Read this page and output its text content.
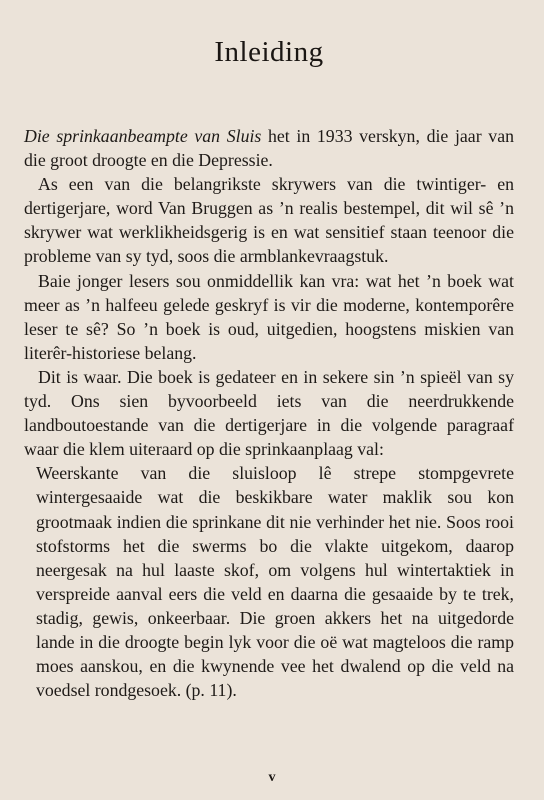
Inleiding

Die sprinkaanbeampte van Sluis het in 1933 verskyn, die jaar van die groot droogte en die Depressie.

As een van die belangrikste skrywers van die twintiger- en dertigerjare, word Van Bruggen as ’n realis bestempel, dit wil sê ’n skrywer wat werklikheidsgerig is en wat sensitief staan teenoor die probleme van sy tyd, soos die armblankevraagstuk.

Baie jonger lesers sou onmiddellik kan vra: wat het ’n boek wat meer as ’n halfeeu gelede geskryf is vir die moderne, kontemporêre leser te sê? So ’n boek is oud, uitgedien, hoogstens miskien van literêr-historiese belang.

Dit is waar. Die boek is gedateer en in sekere sin ’n spieël van sy tyd. Ons sien byvoorbeeld iets van die neerdrukkende landboutoestande van die dertigerjare in die volgende paragraaf waar die klem uiteraard op die sprinkaanplaag val:

Weerskante van die sluisloop lê strepe stompgevrete wintergesaaide wat die beskikbare water maklik sou kon grootmaak indien die sprinkane dit nie verhinder het nie. Soos rooi stofstorms het die swerms bo die vlakte uitgekom, daarop neergesak na hul laaste skof, om volgens hul wintertaktiek in verspreide aanval eers die veld en daarna die gesaaide by te trek, stadig, gewis, onkeerbaar. Die groen akkers het na uitgedorde lande in die droogte begin lyk voor die oë wat magteloos die ramp moes aanskou, en die kwynende vee het dwalend op die veld na voedsel rondgesoek. (p. 11).

v
